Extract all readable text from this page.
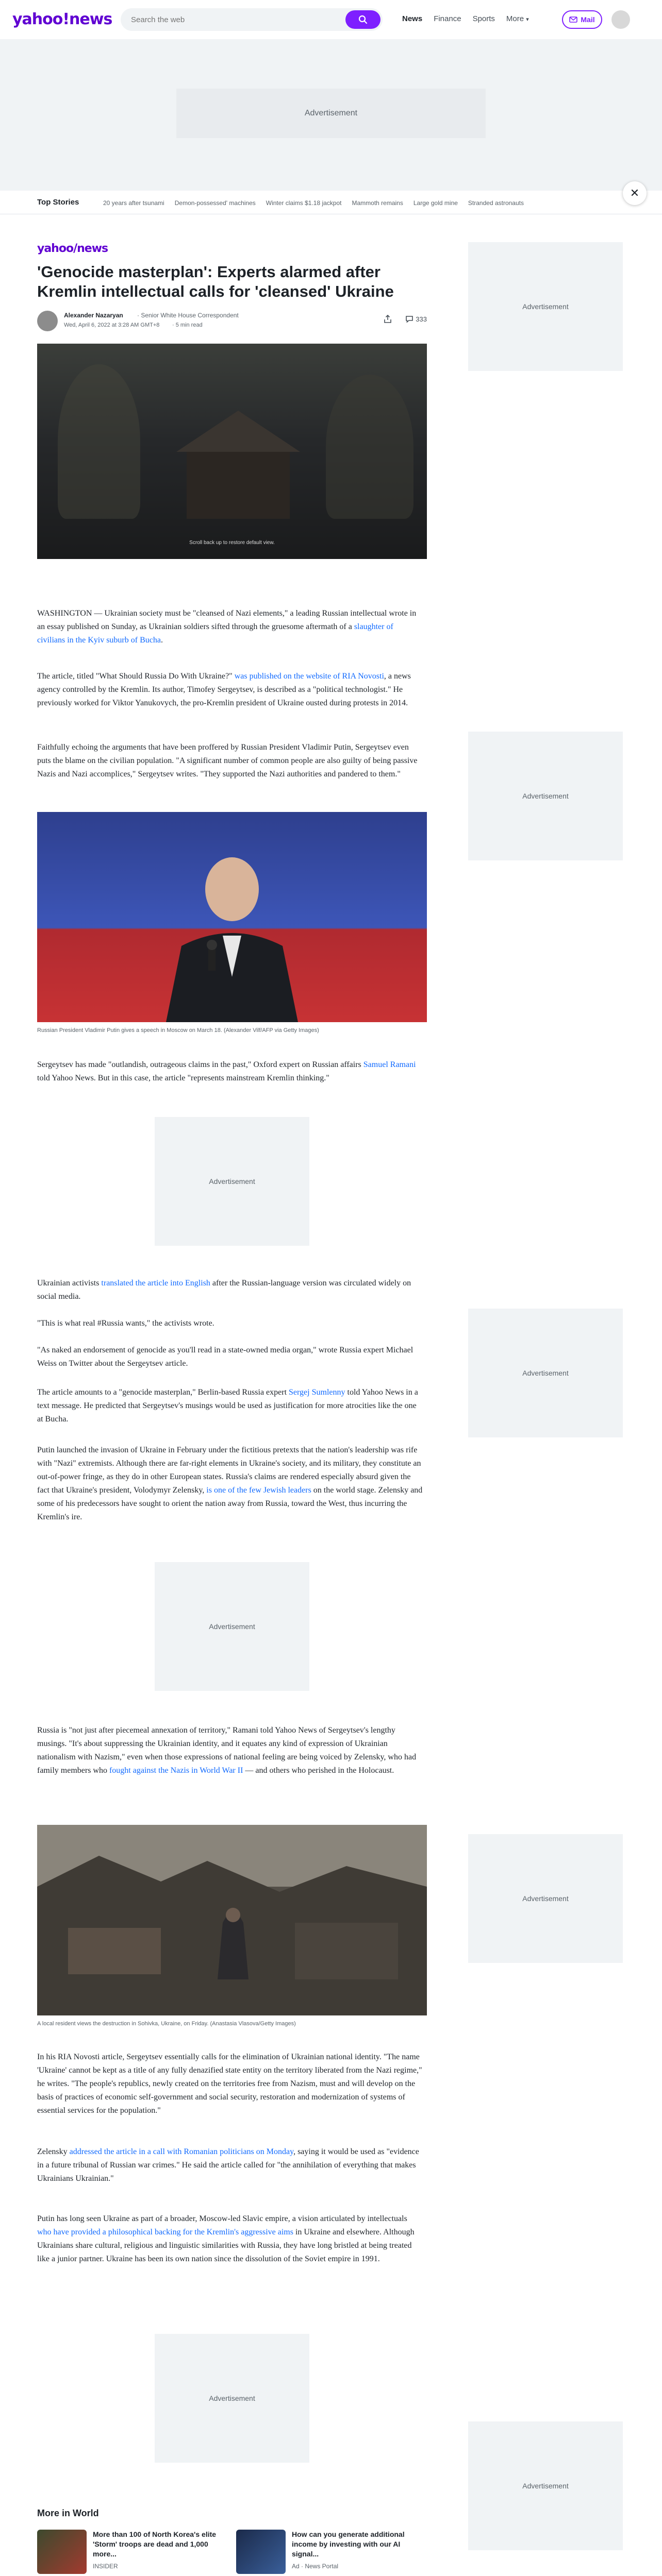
yahoo!news
Search the web	News Finance Sports More ▾	Mail
Advertisement
Top Stories	20 years after tsunami Demon-possessed' machines Winter claims $1.18 jackpot Mammoth remains Large gold mine Stranded astronauts
✕
yahoo/news
'Genocide masterplan': Experts alarmed after Kremlin intellectual calls for 'cleansed' Ukraine
Alexander Nazaryan · Senior White House Correspondent
Wed, April 6, 2022 at 3:28 AM GMT+8 · 5 min read
333
Scroll back up to restore default view.

WASHINGTON — Ukrainian society must be "cleansed of Nazi elements," a leading Russian intellectual wrote in an essay published on Sunday, as Ukrainian soldiers sifted through the gruesome aftermath of a slaughter of civilians in the Kyiv suburb of Bucha.

The article, titled "What Should Russia Do With Ukraine?" was published on the website of RIA Novosti, a news agency controlled by the Kremlin. Its author, Timofey Sergeytsev, is described as a "political technologist." He previously worked for Viktor Yanukovych, the pro-Kremlin president of Ukraine ousted during protests in 2014.

Faithfully echoing the arguments that have been proffered by Russian President Vladimir Putin, Sergeytsev even puts the blame on the civilian population. "A significant number of common people are also guilty of being passive Nazis and Nazi accomplices," Sergeytsev writes. "They supported the Nazi authorities and pandered to them."

Russian President Vladimir Putin gives a speech in Moscow on March 18. (Alexander Vilf/AFP via Getty Images)

Sergeytsev has made "outlandish, outrageous claims in the past," Oxford expert on Russian affairs Samuel Ramani told Yahoo News. But in this case, the article "represents mainstream Kremlin thinking."

Advertisement

Ukrainian activists translated the article into English after the Russian-language version was circulated widely on social media.

"This is what real #Russia wants," the activists wrote.

"As naked an endorsement of genocide as you'll read in a state-owned media organ," wrote Russia expert Michael Weiss on Twitter about the Sergeytsev article.

The article amounts to a "genocide masterplan," Berlin-based Russia expert Sergej Sumlenny told Yahoo News in a text message. He predicted that Sergeytsev's musings would be used as justification for more atrocities like the one at Bucha.

Putin launched the invasion of Ukraine in February under the fictitious pretexts that the nation's leadership was rife with "Nazi" extremists. Although there are far-right elements in Ukraine's society, and its military, they constitute an out-of-power fringe, as they do in other European states. Russia's claims are rendered especially absurd given the fact that Ukraine's president, Volodymyr Zelensky, is one of the few Jewish leaders on the world stage. Zelensky and some of his predecessors have sought to orient the nation away from Russia, toward the West, thus incurring the Kremlin's ire.

Advertisement

Russia is "not just after piecemeal annexation of territory," Ramani told Yahoo News of Sergeytsev's lengthy musings. "It's about suppressing the Ukrainian identity, and it equates any kind of expression of Ukrainian nationalism with Nazism," even when those expressions of national feeling are being voiced by Zelensky, who had family members who fought against the Nazis in World War II — and others who perished in the Holocaust.

A local resident views the destruction in Sohivka, Ukraine, on Friday. (Anastasia Vlasova/Getty Images)

In his RIA Novosti article, Sergeytsev essentially calls for the elimination of Ukrainian national identity. "The name 'Ukraine' cannot be kept as a title of any fully denazified state entity on the territory liberated from the Nazi regime," he writes. "The people's republics, newly created on the territories free from Nazism, must and will develop on the basis of practices of economic self-government and social security, restoration and modernization of systems of essential services for the population."

Zelensky addressed the article in a call with Romanian politicians on Monday, saying it would be used as "evidence in a future tribunal of Russian war crimes." He said the article called for "the annihilation of everything that makes Ukrainians Ukrainian."

Putin has long seen Ukraine as part of a broader, Moscow-led Slavic empire, a vision articulated by intellectuals who have provided a philosophical backing for the Kremlin's aggressive aims in Ukraine and elsewhere. Although Ukrainians share cultural, religious and linguistic similarities with Russia, they have long bristled at being treated like a junior partner. Ukraine has been its own nation since the dissolution of the Soviet empire in 1991.

Advertisement
More in World
More than 100 of North Korea's elite 'Storm' troops are dead and 1,000 more...
INSIDER
How can you generate additional income by investing with our AI signal...
Ad · News Portal

Advertisement
Advertisement
Advertisement
Advertisement
Advertisement
